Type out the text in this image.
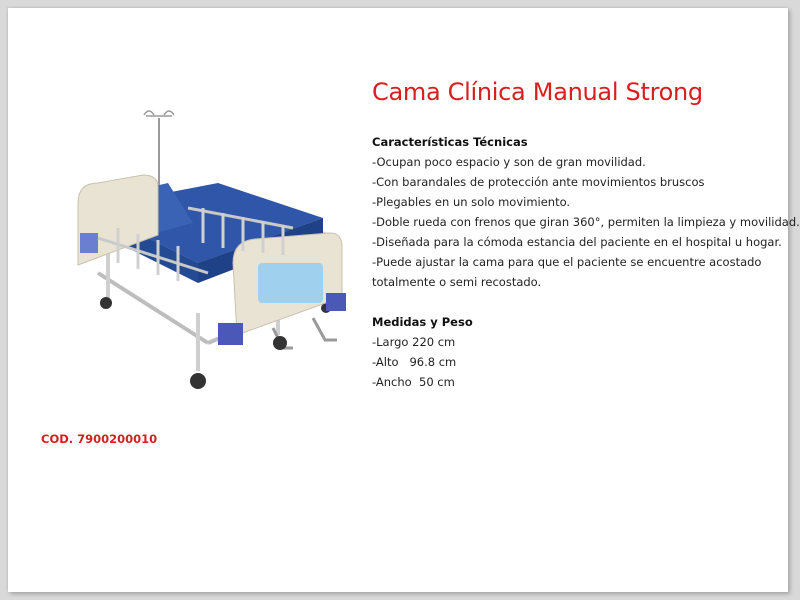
Cama Clínica Manual Strong
Características Técnicas
-Ocupan poco espacio y son de gran movilidad.
-Con barandales de protección ante movimientos bruscos
-Plegables en un solo movimiento.
-Doble rueda con frenos que giran 360°, permiten la limpieza y movilidad.
-Diseñada para la cómoda estancia del paciente en el hospital u hogar.
-Puede ajustar la cama para que el paciente se encuentre acostado totalmente o semi recostado.
Medidas y Peso
-Largo 220 cm
-Alto   96.8 cm
-Ancho  50 cm
COD. 7900200010
